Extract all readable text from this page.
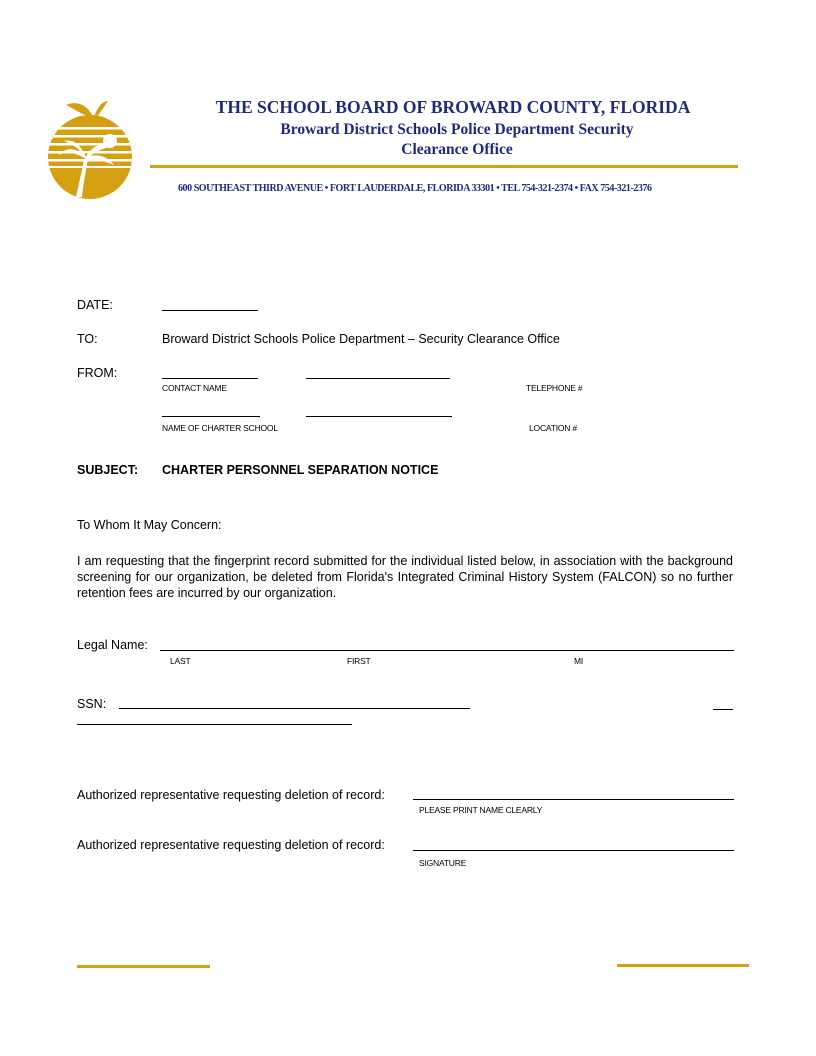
THE SCHOOL BOARD OF BROWARD COUNTY, FLORIDA
Broward District Schools Police Department Security
Clearance Office
600 SOUTHEAST THIRD AVENUE • FORT LAUDERDALE, FLORIDA 33301 • TEL 754-321-2374 • FAX 754-321-2376
DATE:
TO:	Broward District Schools Police Department – Security Clearance Office
FROM:
CONTACT NAME	TELEPHONE #
NAME OF CHARTER SCHOOL	LOCATION #
SUBJECT: CHARTER PERSONNEL SEPARATION NOTICE
To Whom It May Concern:
I am requesting that the fingerprint record submitted for the individual listed below, in association with the background screening for our organization, be deleted from Florida's Integrated Criminal History System (FALCON) so no further retention fees are incurred by our organization.
Legal Name:
LAST	FIRST	MI
SSN:
Authorized representative requesting deletion of record:
PLEASE PRINT NAME CLEARLY
Authorized representative requesting deletion of record:
SIGNATURE
